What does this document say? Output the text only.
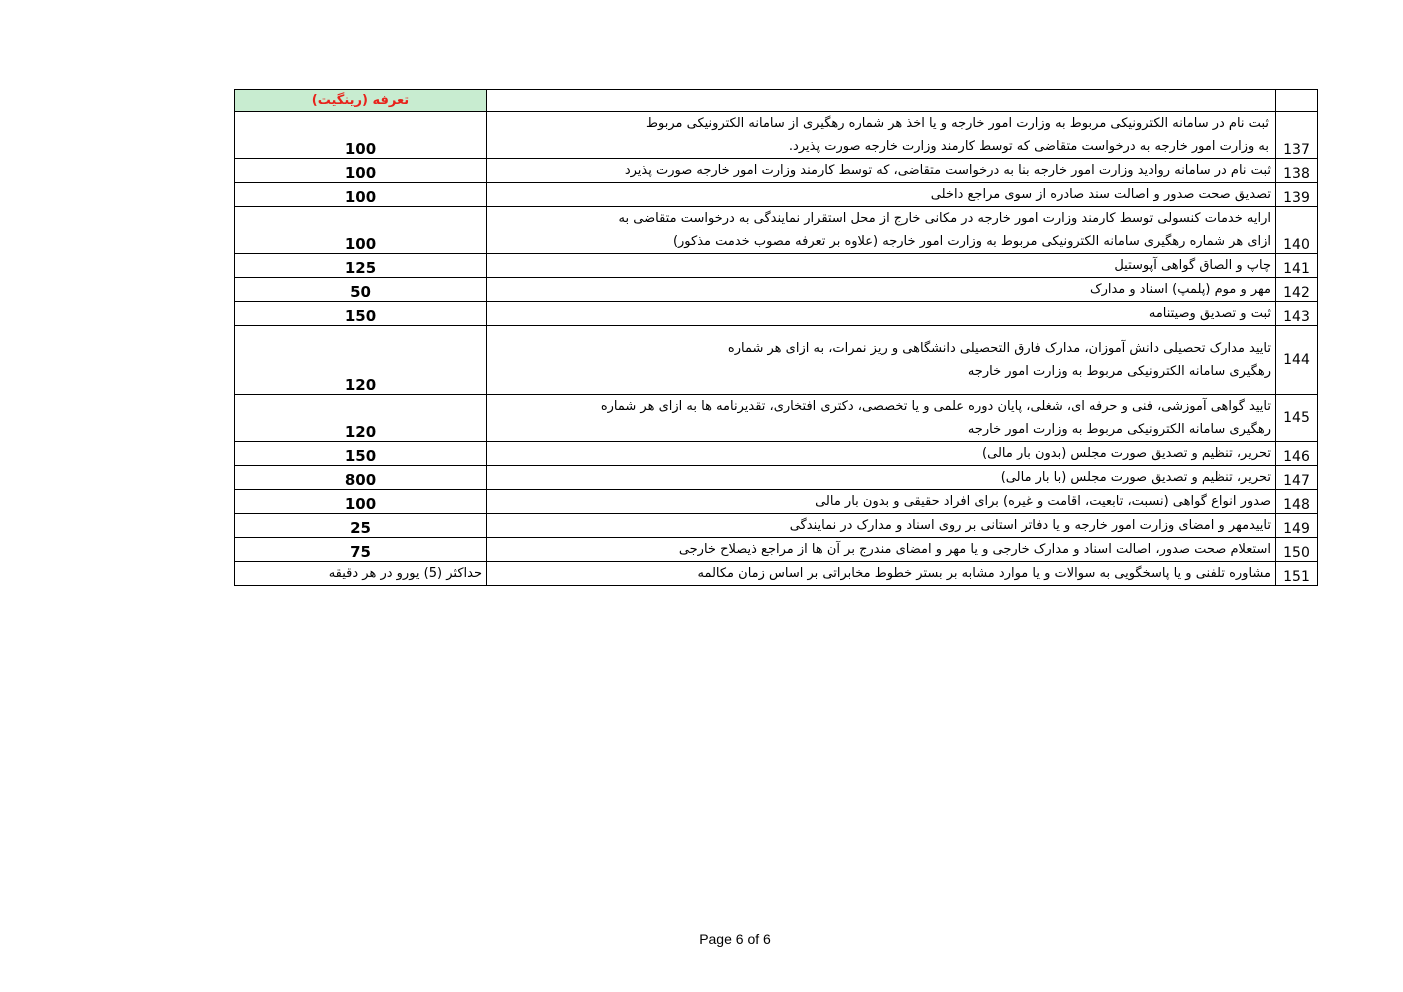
تعرفه (رینگیت)		
100	ثبت نام در سامانه الکترونیکی مربوط به وزارت امور خارجه و یا اخذ هر شماره رهگیری از سامانه الکترونیکی مربوط به وزارت امور خارجه به درخواست متقاضی که توسط کارمند وزارت خارجه صورت پذیرد.	137
100	ثبت نام در سامانه روادید وزارت امور خارجه بنا به درخواست متقاضی، که توسط کارمند وزارت امور خارجه صورت پذیرد	138
100	تصدیق صحت صدور و اصالت سند صادره از سوی مراجع داخلی	139
100	ارایه خدمات کنسولی توسط کارمند وزارت امور خارجه در مکانی خارج از محل استقرار نمایندگی به درخواست متقاضی به ازای هر شماره رهگیری سامانه الکترونیکی مربوط به وزارت امور خارجه (علاوه بر تعرفه مصوب خدمت مذکور)	140
125	چاپ و الصاق گواهی آپوستیل	141
50	مهر و موم (پلمپ) اسناد و مدارک	142
150	ثبت و تصدیق وصیتنامه	143
120	تایید مدارک تحصیلی دانش آموزان، مدارک فارق التحصیلی دانشگاهی و ریز نمرات، به ازای هر شماره رهگیری سامانه الکترونیکی مربوط به وزارت امور خارجه	144
120	تایید گواهی آموزشی، فنی و حرفه ای، شغلی، پایان دوره علمی و یا تخصصی، دکتری افتخاری، تقدیرنامه ها به ازای هر شماره رهگیری سامانه الکترونیکی مربوط به وزارت امور خارجه	145
150	تحریر، تنظیم و تصدیق صورت مجلس (بدون بار مالی)	146
800	تحریر، تنظیم و تصدیق صورت مجلس (با بار مالی)	147
100	صدور انواع گواهی (نسبت، تابعیت، اقامت و غیره) برای افراد حقیقی و بدون بار مالی	148
25	تاییدمهر و امضای وزارت امور خارجه و یا دفاتر استانی بر روی اسناد و مدارک در نمایندگی	149
75	استعلام صحت صدور، اصالت اسناد و مدارک خارجی و یا مهر و امضای مندرج بر آن ها از مراجع ذیصلاح خارجی	150
حداکثر (5) یورو در هر دقیقه	مشاوره تلفنی و یا پاسخگویی به سوالات و یا موارد مشابه بر بستر خطوط مخابراتی بر اساس زمان مکالمه	151
Page 6 of 6
